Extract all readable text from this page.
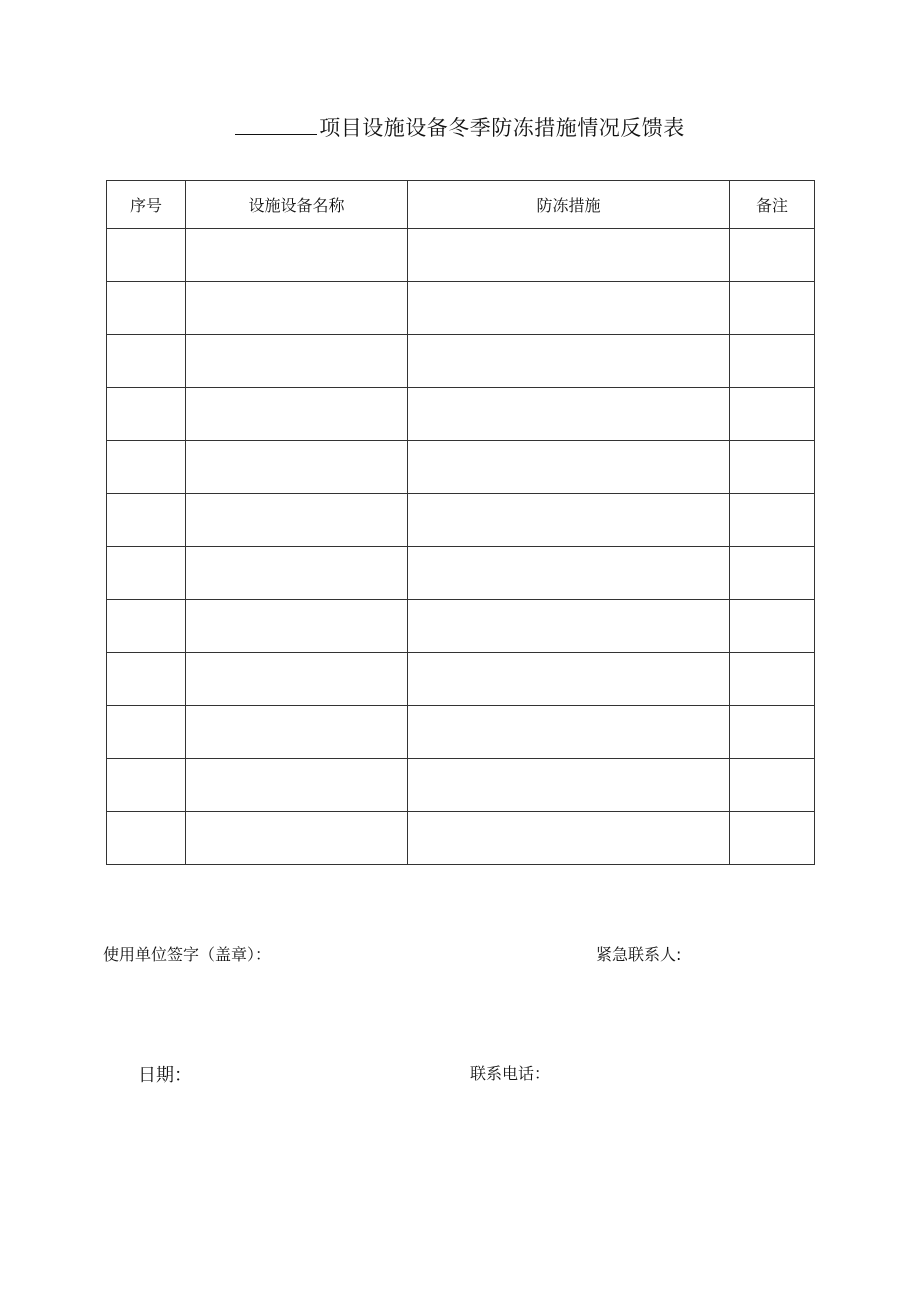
项目设施设备冬季防冻措施情况反馈表
序号	设施设备名称	防冻措施	备注

使用单位签字（盖章）：	紧急联系人:
日期：	联系电话：
